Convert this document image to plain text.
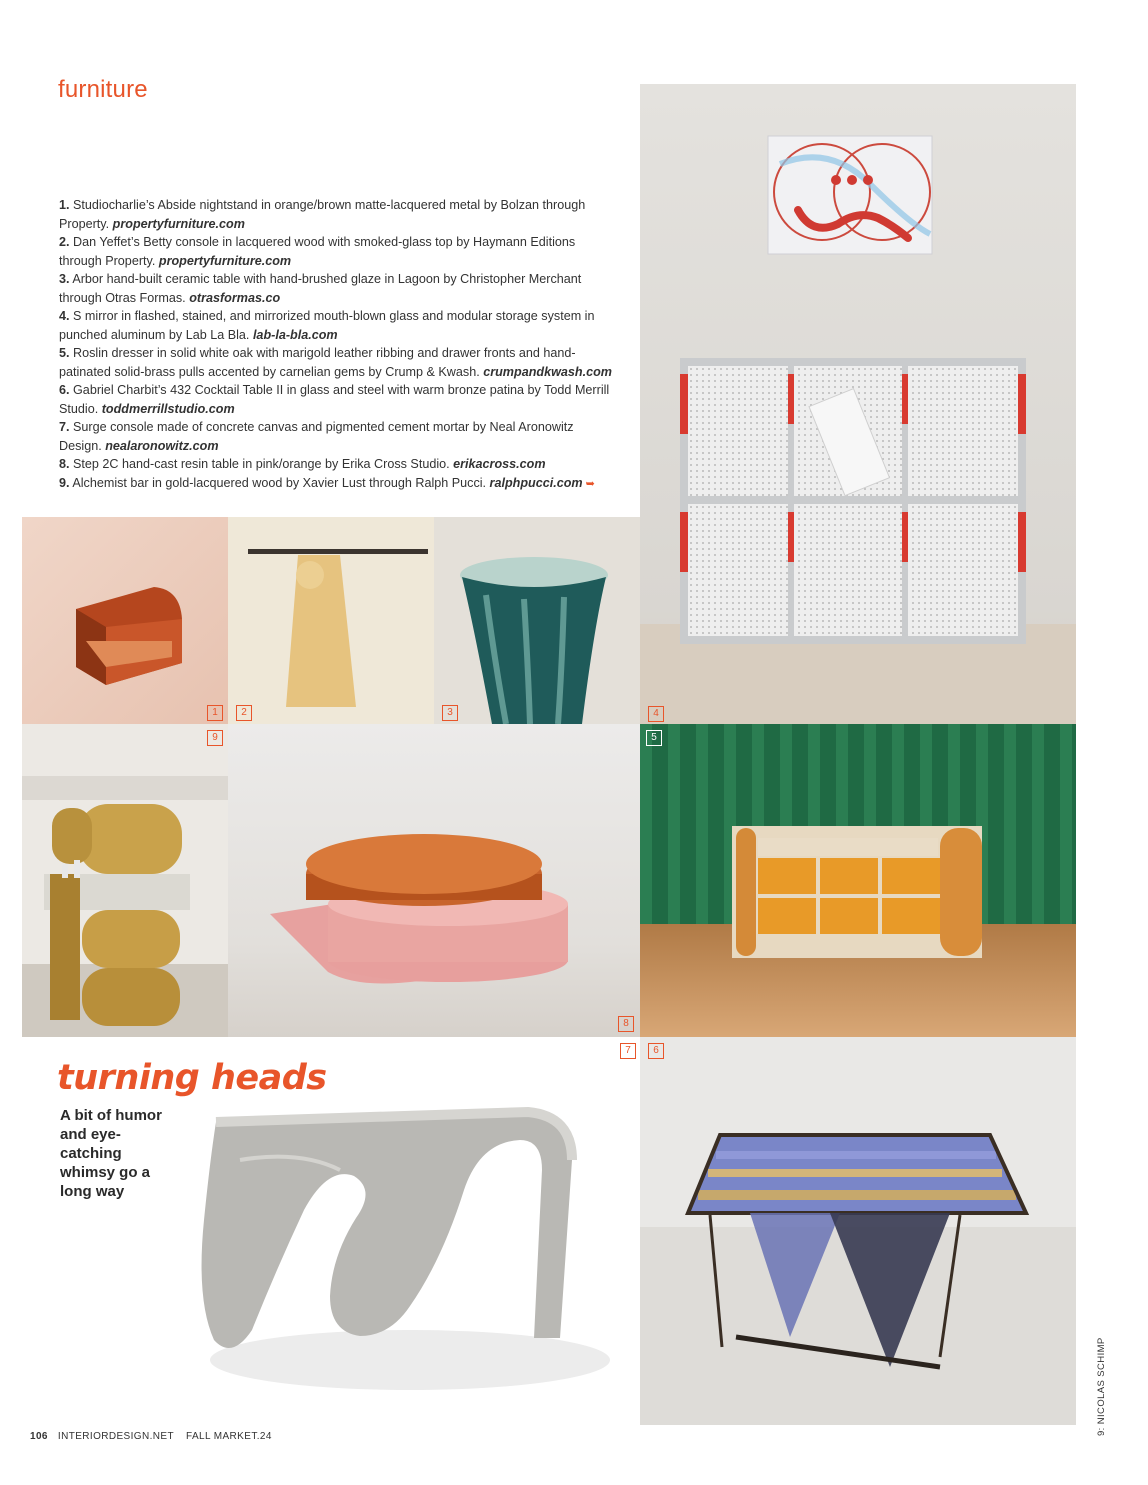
furniture

1. Studiocharlie’s Abside nightstand in orange/brown matte-lacquered metal by Bolzan through Property. propertyfurniture.com

2. Dan Yeffet’s Betty console in lacquered wood with smoked-glass top by Haymann Editions through Property. propertyfurniture.com

3. Arbor hand-built ceramic table with hand-brushed glaze in Lagoon by Christopher Merchant through Otras Formas. otrasformas.co

4. S mirror in flashed, stained, and mirrorized mouth-blown glass and modular storage system in punched aluminum by Lab La Bla. lab-la-bla.com

5. Roslin dresser in solid white oak with marigold leather ribbing and drawer fronts and hand-patinated solid-brass pulls accented by carnelian gems by Crump & Kwash. crumpandkwash.com

6. Gabriel Charbit’s 432 Cocktail Table II in glass and steel with warm bronze patina by Todd Merrill Studio. toddmerrillstudio.com

7. Surge console made of concrete canvas and pigmented cement mortar by Neal Aronowitz Design. nealaronowitz.com

8. Step 2C hand-cast resin table in pink/orange by Erika Cross Studio. erikacross.com

9. Alchemist bar in gold-lacquered wood by Xavier Lust through Ralph Pucci. ralphpucci.com ➥

4
1	2	3
9
8
5
6
7
turning heads
A bit of humor and eye-catching whimsy go a long way
106 INTERIORDESIGN.NET FALL MARKET.24
9: NICOLAS SCHIMP
